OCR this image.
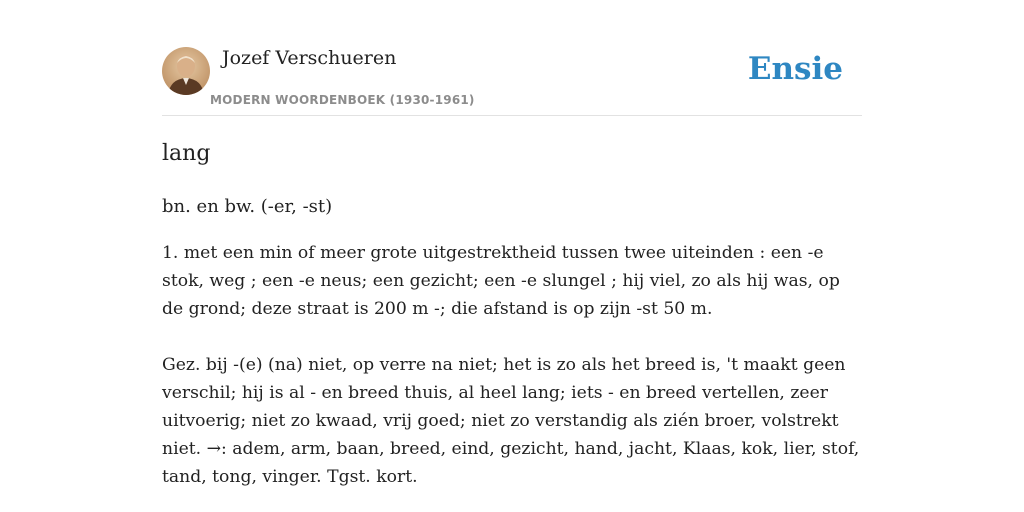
Jozef Verschueren
MODERN WOORDENBOEK (1930-1961)
Ensie
lang
bn. en bw. (-er, -st)

1. met een min of meer grote uitgestrektheid tussen twee uiteinden : een -e stok, weg ; een -e neus; een gezicht; een -e slungel ; hij viel, zo als hij was, op de grond; deze straat is 200 m -; die afstand is op zijn -st 50 m.

Gez. bij -(e) (na) niet, op verre na niet; het is zo als het breed is, 't maakt geen verschil; hij is al - en breed thuis, al heel lang; iets - en breed vertellen, zeer uitvoerig; niet zo kwaad, vrij goed; niet zo verstandig als zién broer, volstrekt niet. →: adem, arm, baan, breed, eind, gezicht, hand, jacht, Klaas, kok, lier, stof, tand, tong, vinger. Tgst. kort.
